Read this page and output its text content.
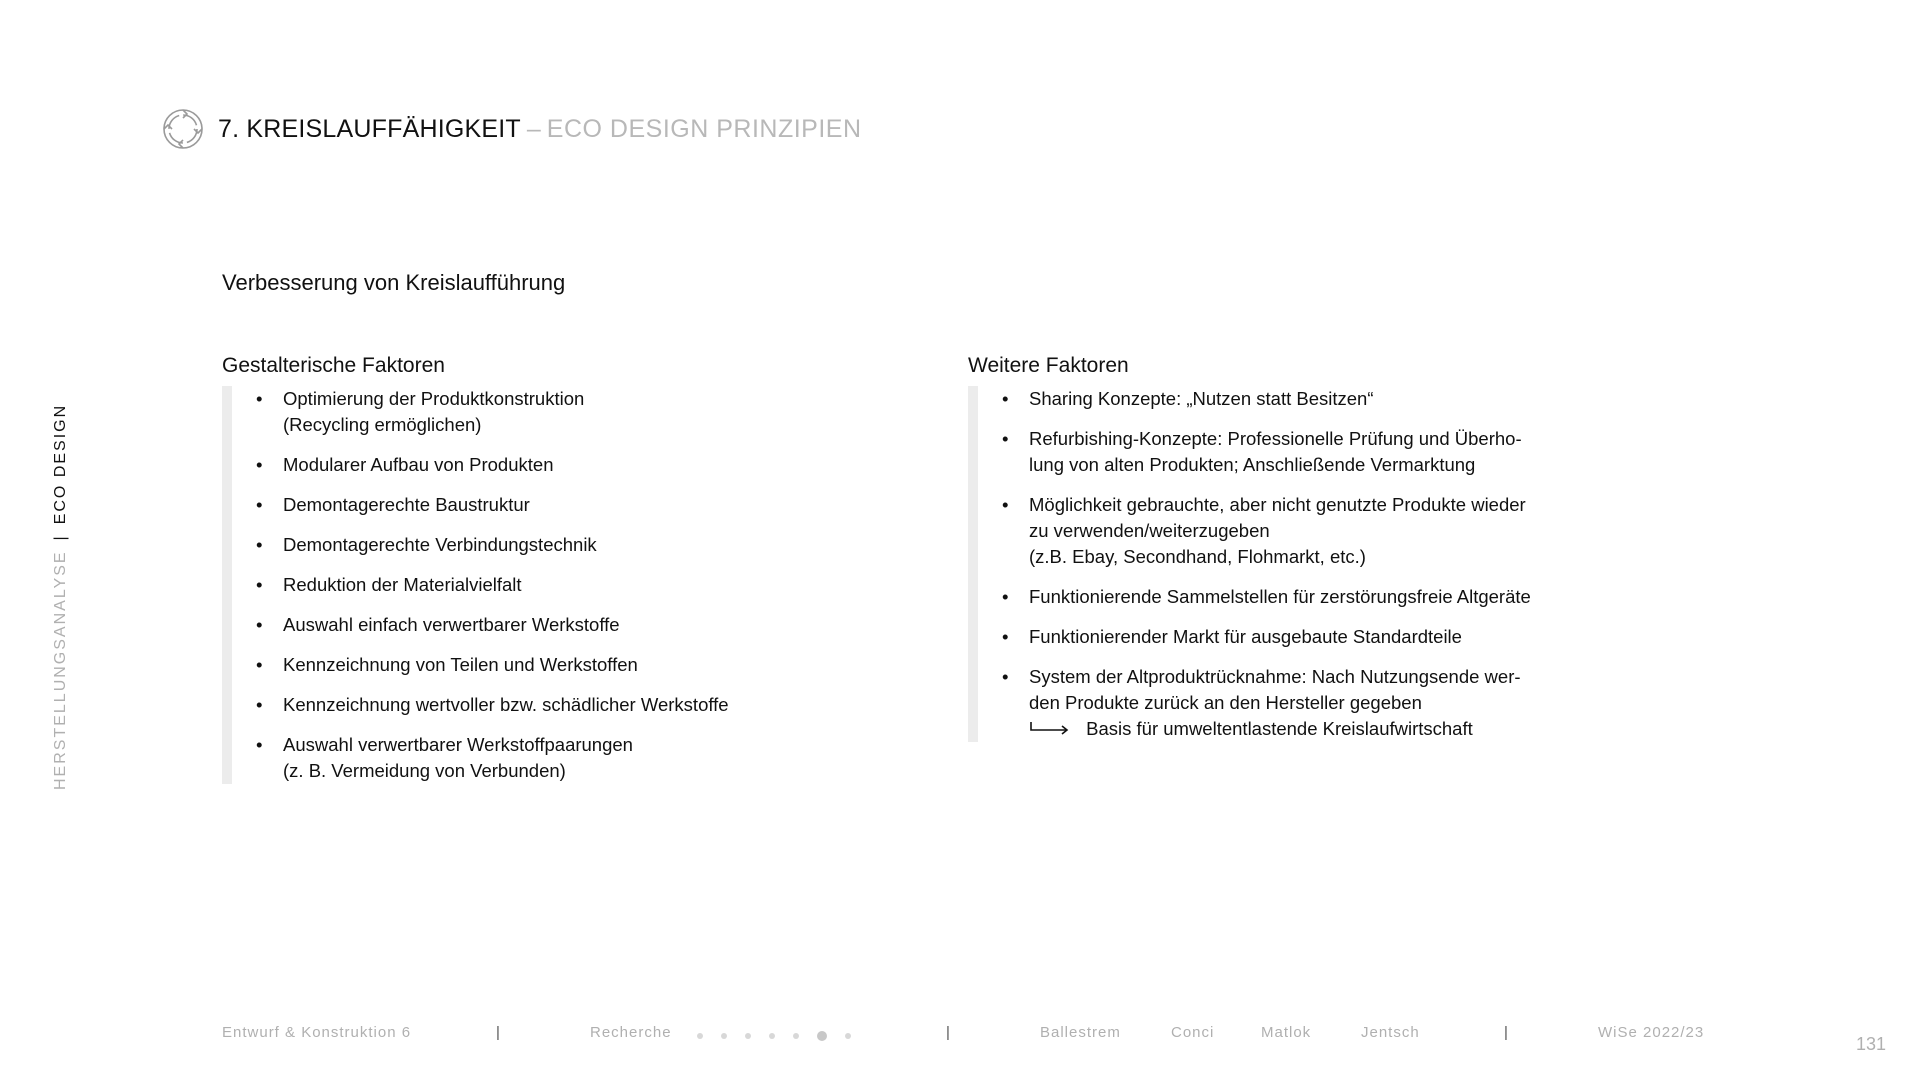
7. KREISLAUFFÄHIGKEIT – ECO DESIGN PRINZIPIEN
HERSTELLUNGSANALYSE
|
ECO DESIGN
Verbesserung von Kreislaufführung
Gestalterische Faktoren
• Optimierung der Produktkonstruktion
(Recycling ermöglichen)
• Modularer Aufbau von Produkten
• Demontagerechte Baustruktur
• Demontagerechte Verbindungstechnik
• Reduktion der Materialvielfalt
• Auswahl einfach verwertbarer Werkstoffe
• Kennzeichnung von Teilen und Werkstoffen
• Kennzeichnung wertvoller bzw. schädlicher Werkstoffe
• Auswahl verwertbarer Werkstoffpaarungen
(z. B. Vermeidung von Verbunden)
Weitere Faktoren
• Sharing Konzepte: „Nutzen statt Besitzen“
• Refurbishing-Konzepte: Professionelle Prüfung und Überho-
lung von alten Produkten; Anschließende Vermarktung
• Möglichkeit gebrauchte, aber nicht genutzte Produkte wieder
zu verwenden/weiterzugeben
(z.B. Ebay, Secondhand, Flohmarkt, etc.)
• Funktionierende Sammelstellen für zerstörungsfreie Altgeräte
• Funktionierender Markt für ausgebaute Standardteile
• System der Altproduktrücknahme: Nach Nutzungsende wer-
den Produkte zurück an den Hersteller gegeben
Basis für umweltentlastende Kreislaufwirtschaft
Entwurf & Konstruktion 6	|	Recherche	|	Ballestrem	Conci	Matlok	Jentsch	|	WiSe 2022/23
131
